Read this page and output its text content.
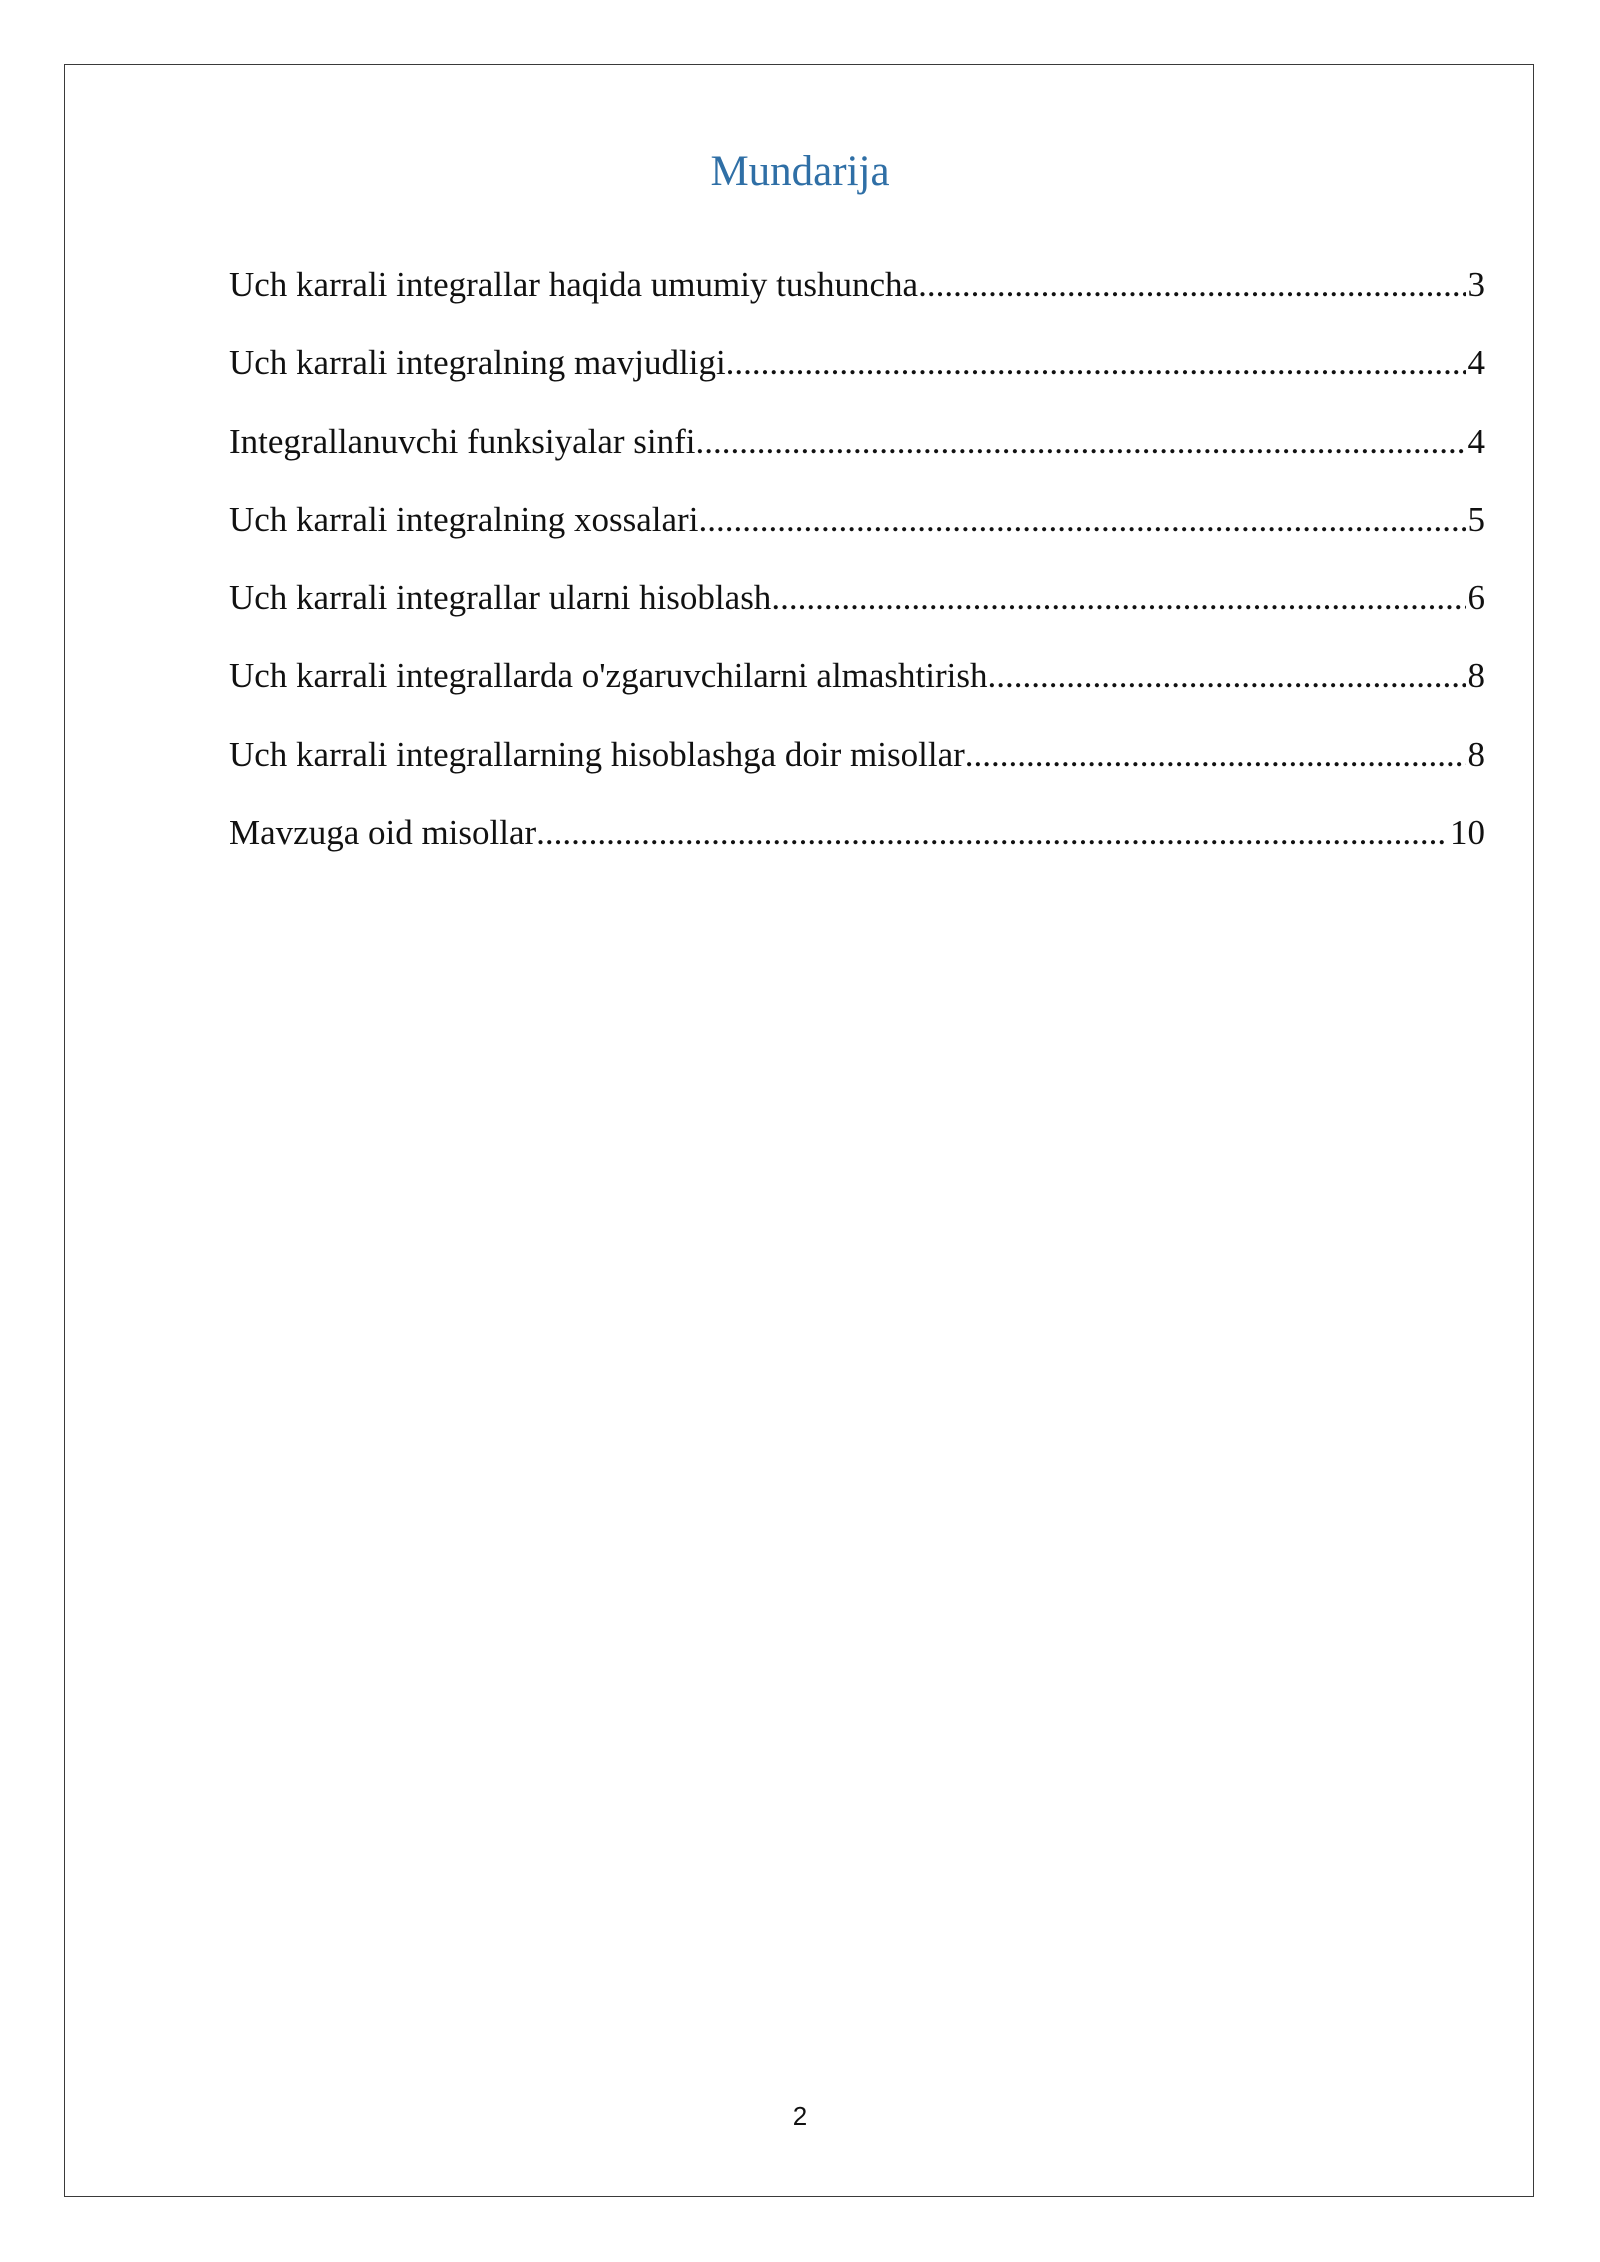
Mundarija
Uch karrali integrallar haqida umumiy tushuncha .....	3
Uch karrali integralning mavjudligi .....	4
Integrallanuvchi funksiyalar sinfi .....	4
Uch karrali integralning xossalari .....	5
Uch karrali integrallar ularni hisoblash .....	6
Uch karrali integrallarda o'zgaruvchilarni almashtirish .....	8
Uch karrali integrallarning hisoblashga doir misollar .....	8
Mavzuga oid misollar .....	10
2
